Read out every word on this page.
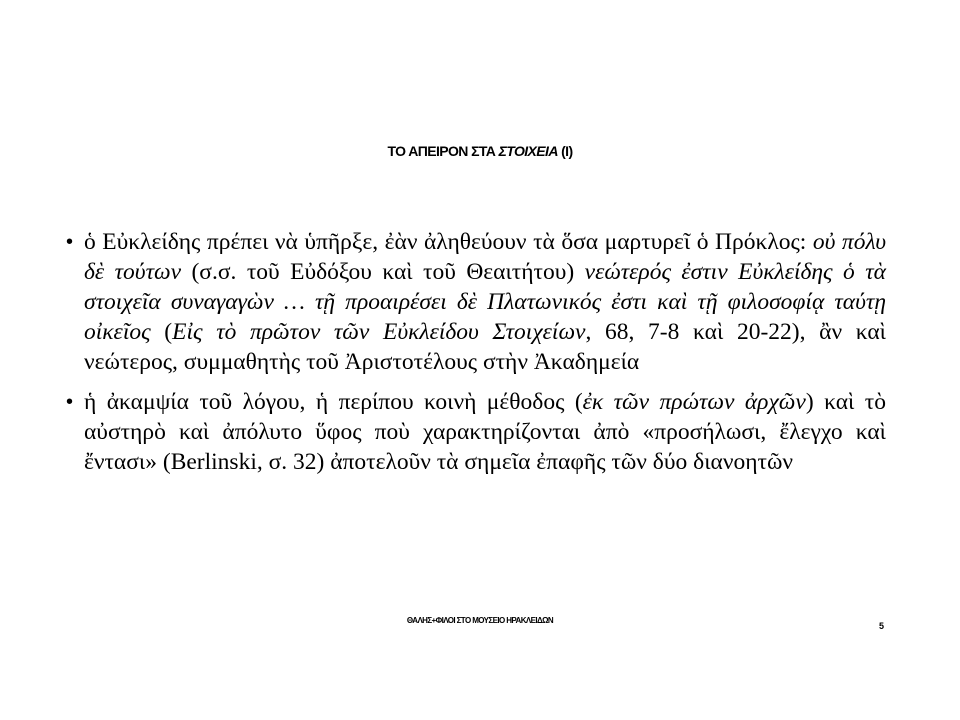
ΤΟ ΑΠΕΙΡΟΝ ΣΤΑ ΣΤΟΙΧΕΙΑ (Ι)
• ὁ Εὐκλείδης πρέπει νὰ ὑπῆρξε, ἐὰν ἀληθεύουν τὰ ὅσα μαρτυρεῖ ὁ Πρόκλος: οὐ πόλυ δὲ τούτων (σ.σ. τοῦ Εὐδόξου καὶ τοῦ Θεαιτήτου) νεώτερός ἐστιν Εὐκλείδης ὁ τὰ στοιχεῖα συναγαγὼν … τῇ προαιρέσει δὲ Πλατωνικός ἐστι καὶ τῇ φιλοσοφίᾳ ταύτῃ οἰκεῖος (Εἰς τὸ πρῶτον τῶν Εὐκλείδου Στοιχείων, 68, 7-8 καὶ 20-22), ἂν καὶ νεώτερος, συμμαθητὴς τοῦ Ἀριστοτέλους στὴν Ἀκαδημεία
• ἡ ἀκαμψία τοῦ λόγου, ἡ περίπου κοινὴ μέθοδος (ἐκ τῶν πρώτων ἀρχῶν) καὶ τὸ αὐστηρὸ καὶ ἀπόλυτο ὕφος ποὺ χαρακτηρίζονται ἀπὸ «προσήλωσι, ἔλεγχο καὶ ἔντασι» (Berlinski, σ. 32) ἀποτελοῦν τὰ σημεῖα ἐπαφῆς τῶν δύο διανοητῶν
ΘΑΛΗΣ+ΦΙΛΟΙ ΣΤΟ ΜΟΥΣΕΙΟ ΗΡΑΚΛΕΙΔΩΝ
5
